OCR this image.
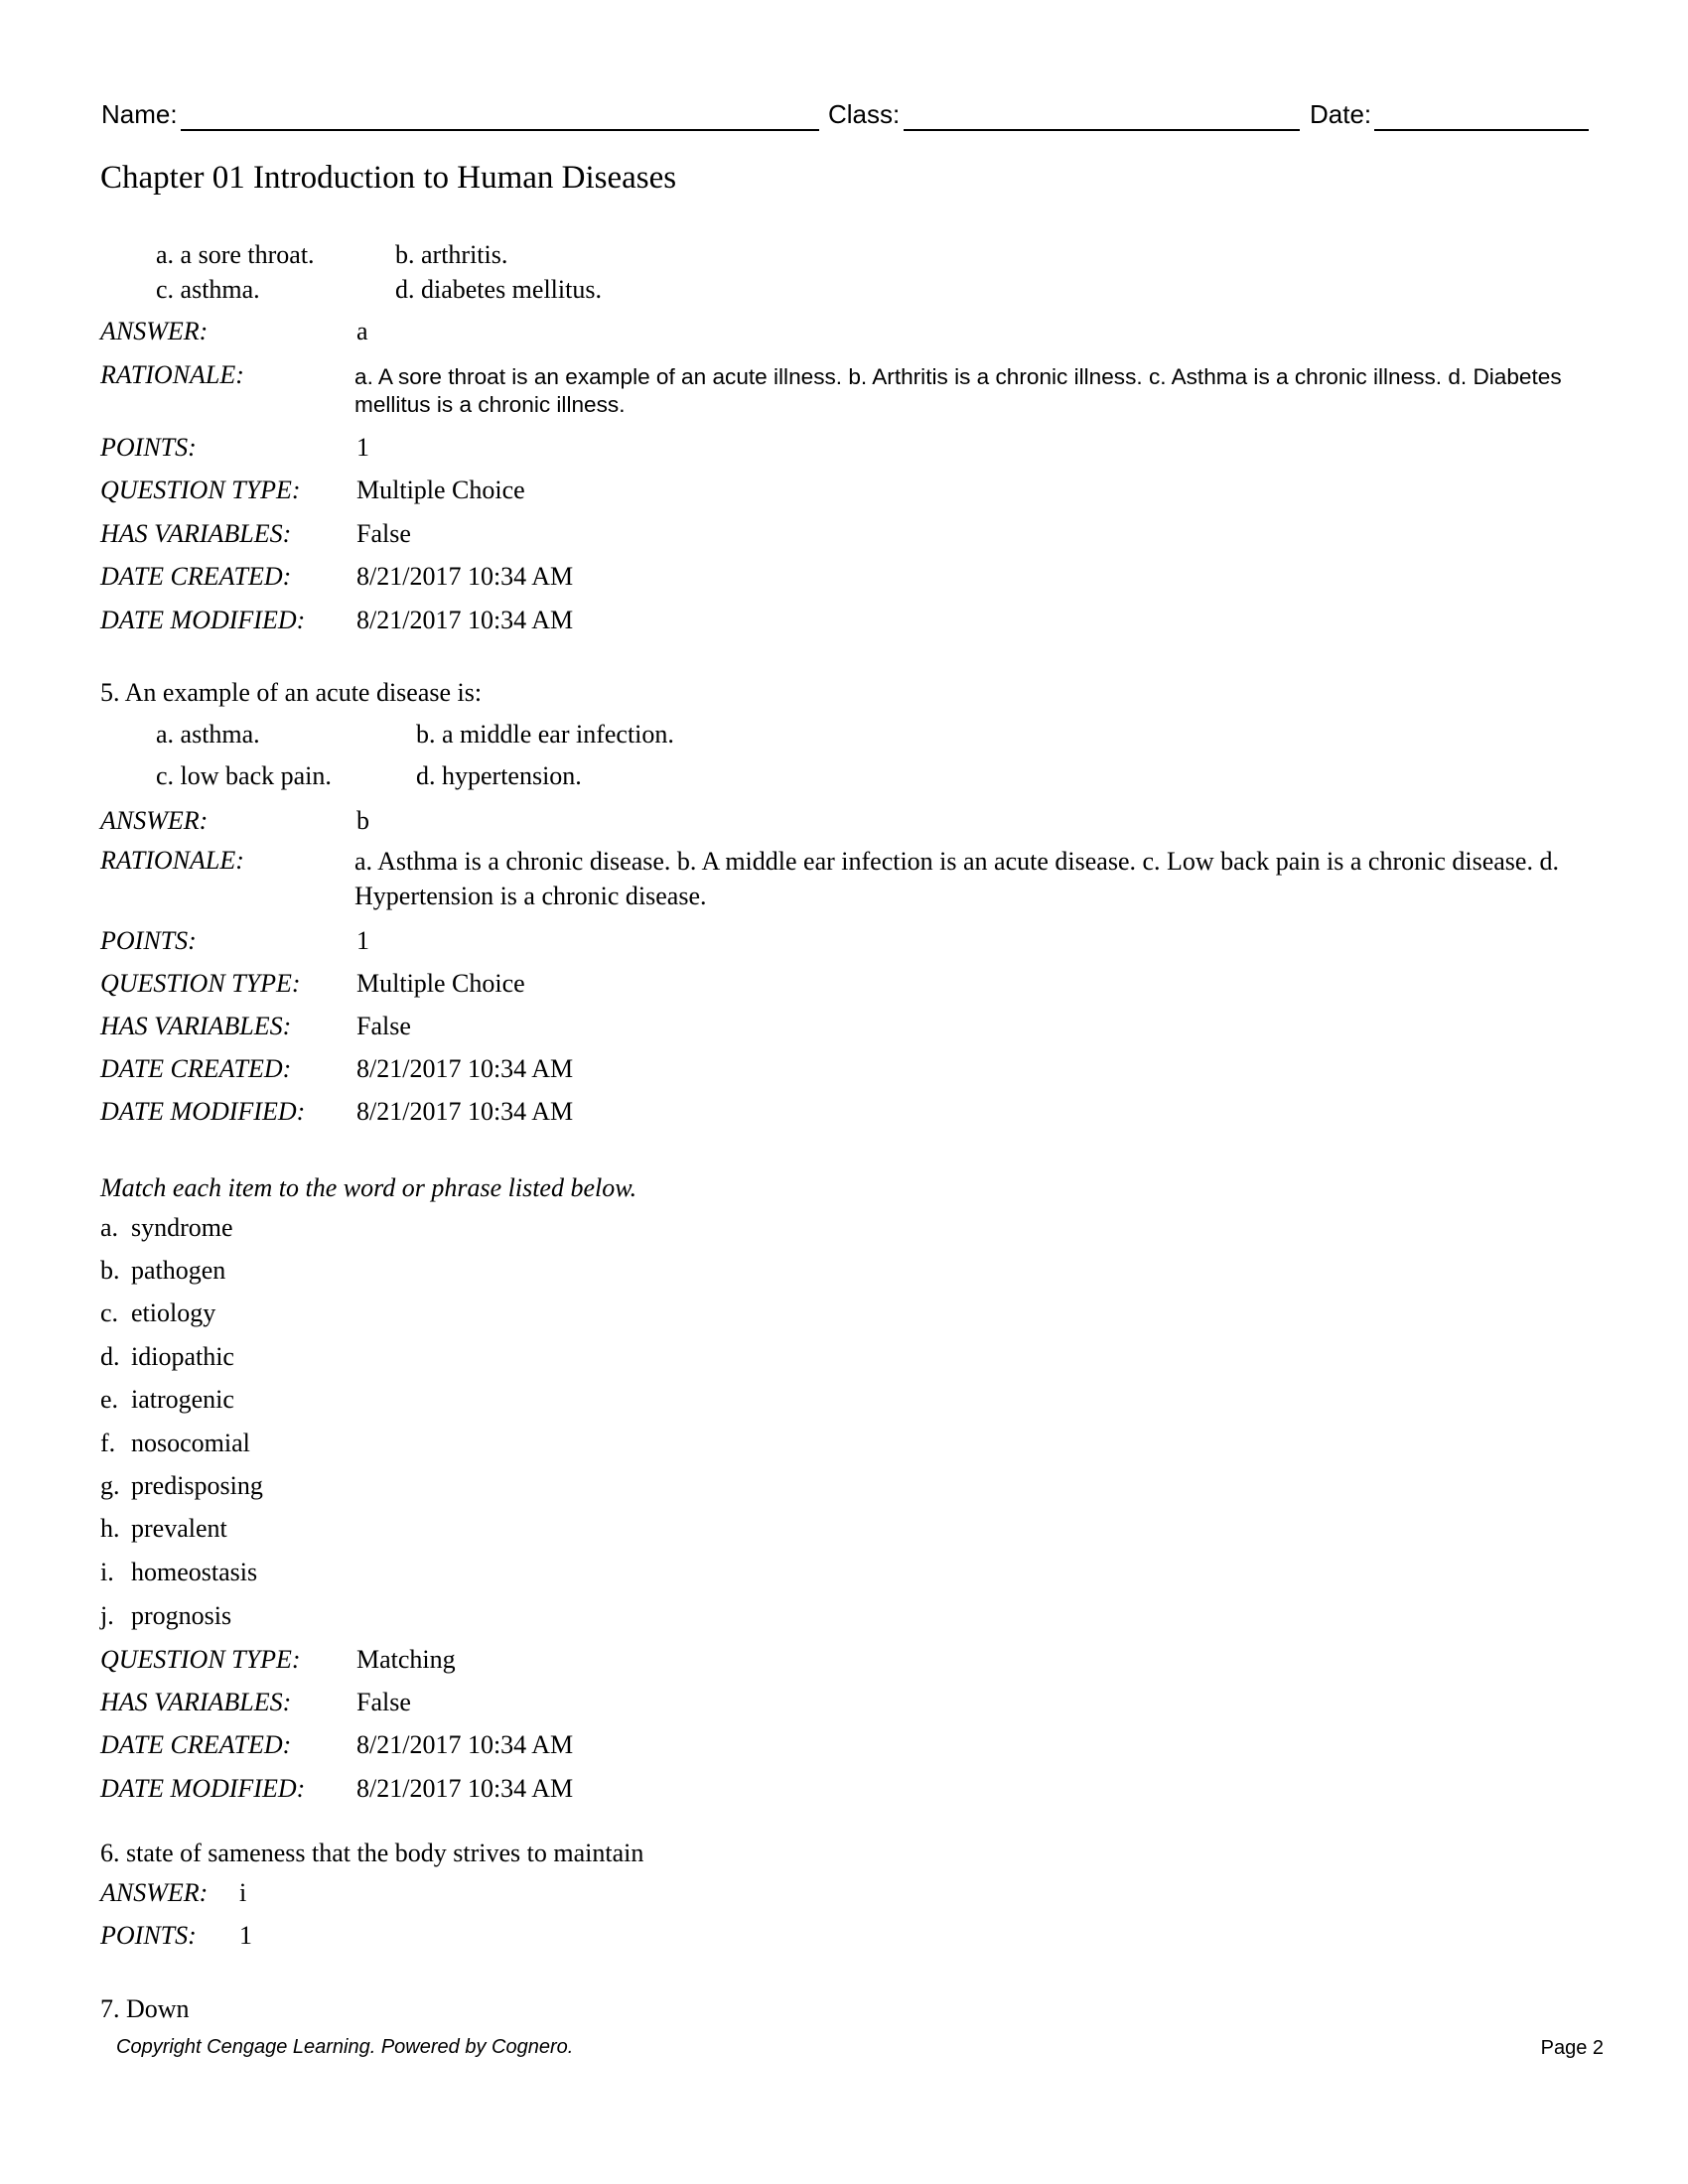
Name:	Class:	Date:
Chapter 01 Introduction to Human Diseases
a. a sore throat.	b. arthritis.
c. asthma.	d. diabetes mellitus.
ANSWER:	a
RATIONALE:	a. A sore throat is an example of an acute illness. b. Arthritis is a chronic illness. c. Asthma is a chronic illness. d. Diabetes mellitus is a chronic illness.
POINTS:	1
QUESTION TYPE: Multiple Choice
HAS VARIABLES:	False
DATE CREATED:	8/21/2017 10:34 AM
DATE MODIFIED: 8/21/2017 10:34 AM
5. An example of an acute disease is:
a. asthma.	b. a middle ear infection.
c. low back pain.	d. hypertension.
ANSWER:	b
RATIONALE:	a. Asthma is a chronic disease. b. A middle ear infection is an acute disease. c. Low back pain is a chronic disease. d. Hypertension is a chronic disease.
POINTS:	1
QUESTION TYPE: Multiple Choice
HAS VARIABLES:	False
DATE CREATED:	8/21/2017 10:34 AM
DATE MODIFIED: 8/21/2017 10:34 AM
Match each item to the word or phrase listed below.
a. syndrome
b. pathogen
c. etiology
d. idiopathic
e. iatrogenic
f. nosocomial
g. predisposing
h. prevalent
i. homeostasis
j. prognosis
QUESTION TYPE: Matching
HAS VARIABLES:	False
DATE CREATED:	8/21/2017 10:34 AM
DATE MODIFIED: 8/21/2017 10:34 AM
6. state of sameness that the body strives to maintain
ANSWER: i
POINTS: 1
7. Down
Copyright Cengage Learning. Powered by Cognero.	Page 2
